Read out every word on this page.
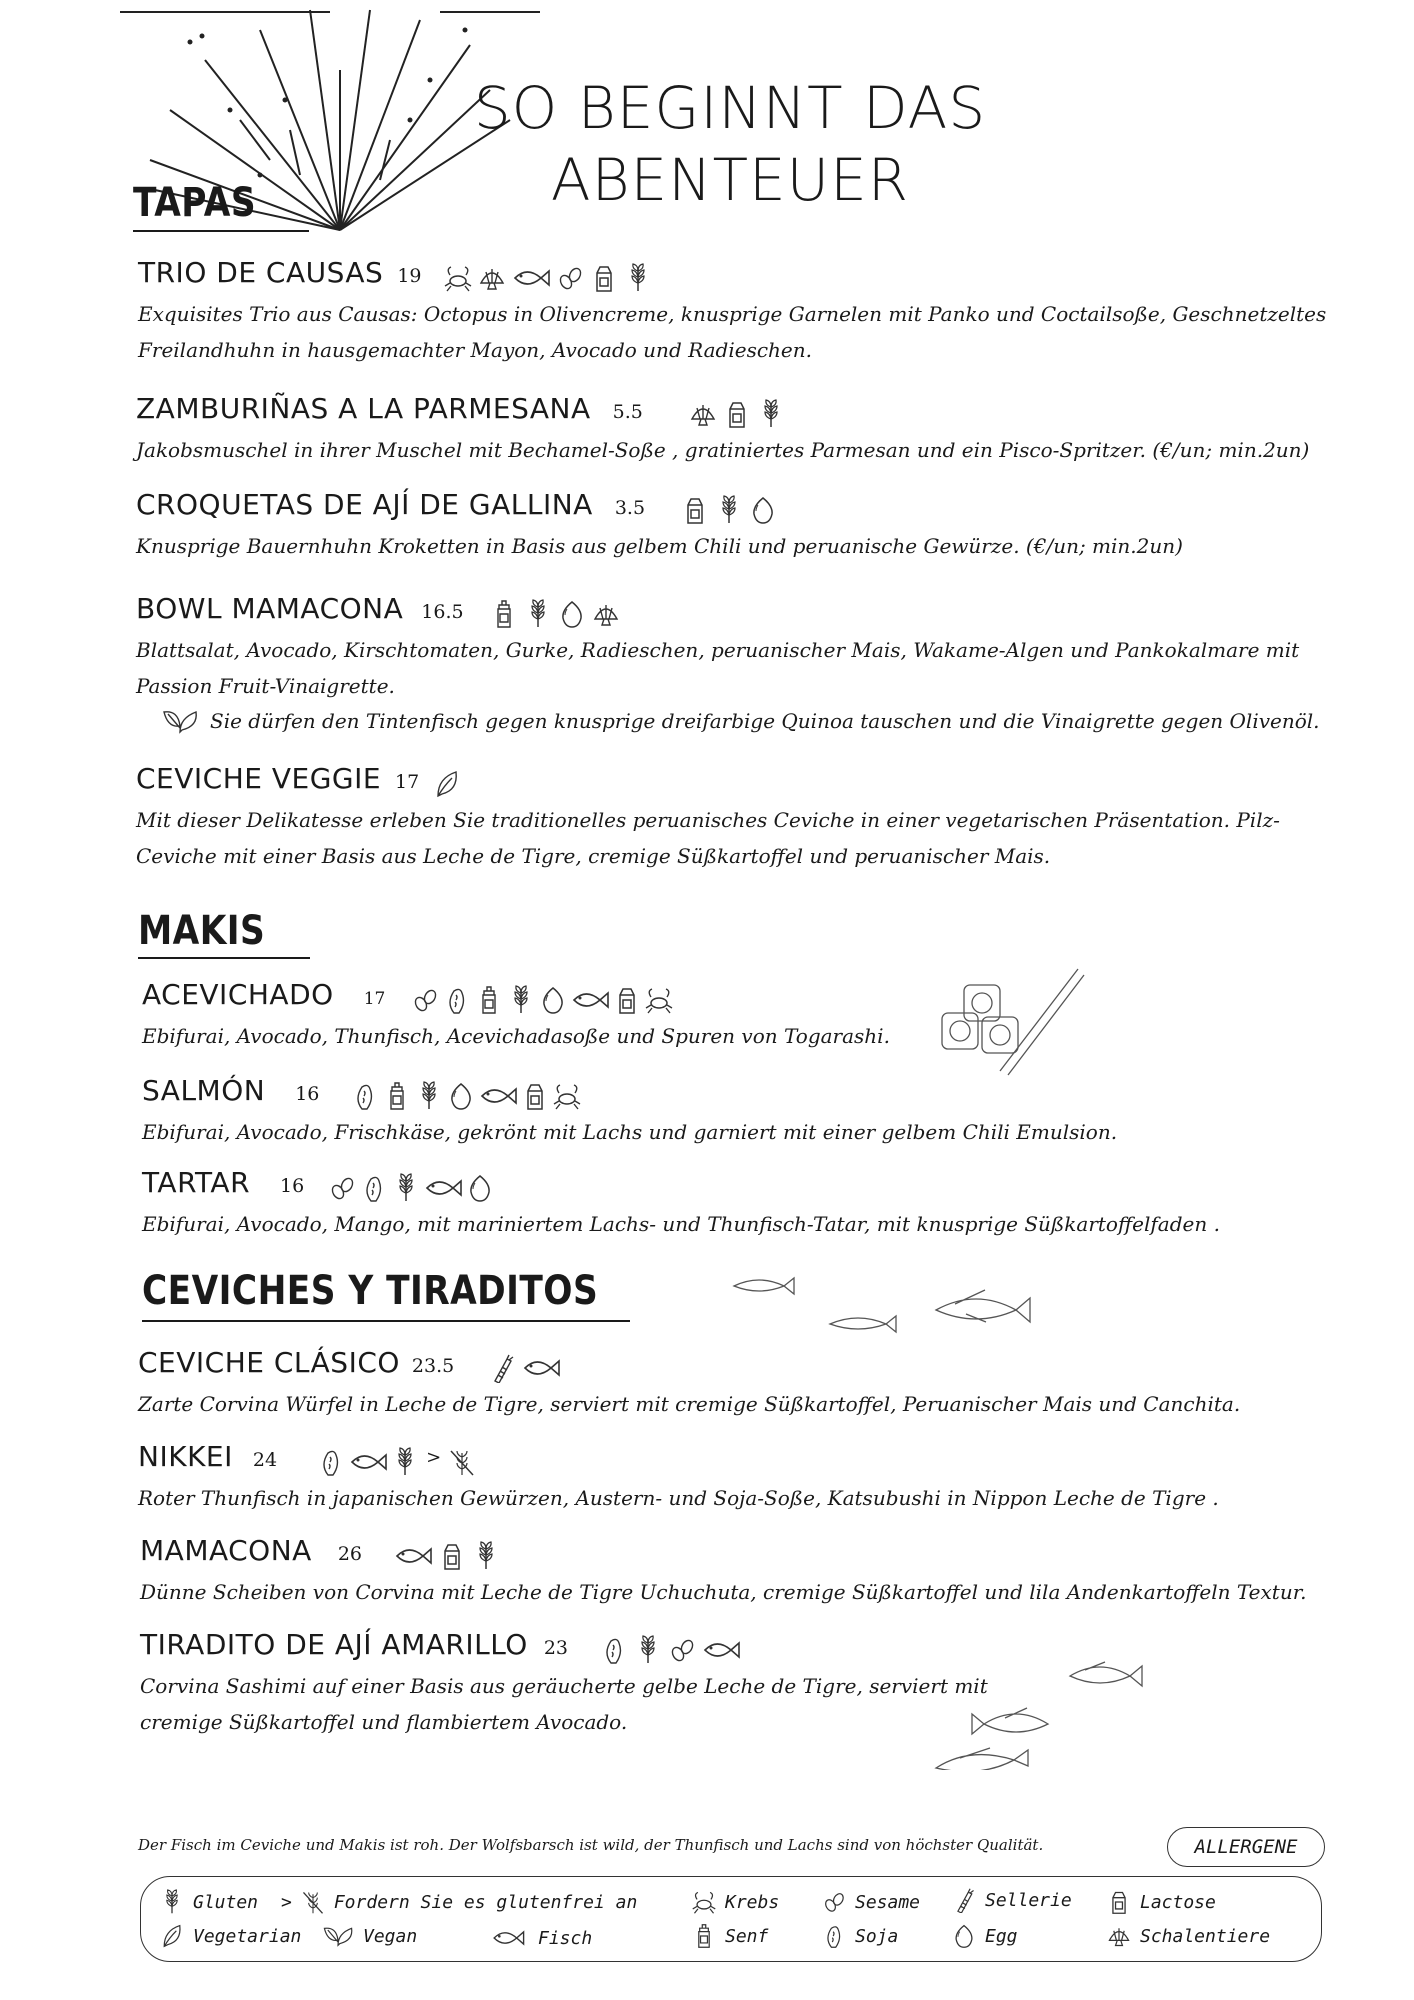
SO BEGINNT DAS
ABENTEUER
TAPAS
TRIO DE CAUSAS 19
Exquisites Trio aus Causas: Octopus in Olivencreme, knusprige Garnelen mit Panko und Coctailsoße, Geschnetzeltes Freilandhuhn in hausgemachter Mayon, Avocado und Radieschen.
ZAMBURIÑAS A LA PARMESANA 5.5
Jakobsmuschel in ihrer Muschel mit Bechamel-Soße , gratiniertes Parmesan und ein Pisco-Spritzer. (€/un; min.2un)
CROQUETAS DE AJÍ DE GALLINA 3.5
Knusprige Bauernhuhn Kroketten in Basis aus gelbem Chili und peruanische Gewürze. (€/un; min.2un)
BOWL MAMACONA 16.5
Blattsalat, Avocado, Kirschtomaten, Gurke, Radieschen, peruanischer Mais, Wakame-Algen und Pankokalmare mit Passion Fruit-Vinaigrette.
Sie dürfen den Tintenfisch gegen knusprige dreifarbige Quinoa tauschen und die Vinaigrette gegen Olivenöl.
CEVICHE VEGGIE 17
Mit dieser Delikatesse erleben Sie traditionelles peruanisches Ceviche in einer vegetarischen Präsentation. Pilz-Ceviche mit einer Basis aus Leche de Tigre, cremige Süßkartoffel und peruanischer Mais.
MAKIS
ACEVICHADO 17
Ebifurai, Avocado, Thunfisch, Acevichadasoße und Spuren von Togarashi.
SALMÓN 16
Ebifurai, Avocado, Frischkäse, gekrönt mit Lachs und garniert mit einer gelbem Chili Emulsion.
TARTAR 16
Ebifurai, Avocado, Mango, mit mariniertem Lachs- und Thunfisch-Tatar, mit knusprige Süßkartoffelfaden .
CEVICHES Y TIRADITOS
CEVICHE CLÁSICO 23.5
Zarte Corvina Würfel in Leche de Tigre, serviert mit cremige Süßkartoffel, Peruanischer Mais und Canchita.
NIKKEI 24	>
Roter Thunfisch in japanischen Gewürzen, Austern- und Soja-Soße, Katsubushi in Nippon Leche de Tigre .
MAMACONA 26
Dünne Scheiben von Corvina mit Leche de Tigre Uchuchuta, cremige Süßkartoffel und lila Andenkartoffeln Textur.
TIRADITO DE AJÍ AMARILLO 23
Corvina Sashimi auf einer Basis aus geräucherte gelbe Leche de Tigre, serviert mit cremige Süßkartoffel und flambiertem Avocado.
Der Fisch im Ceviche und Makis ist roh. Der Wolfsbarsch ist wild, der Thunfisch und Lachs sind von höchster Qualität.	ALLERGENE
Gluten > Fordern Sie es glutenfrei an	Krebs	Sesame	Sellerie	Lactose
Vegetarian	Vegan	Fisch	Senf	Soja	Egg	Schalentiere
